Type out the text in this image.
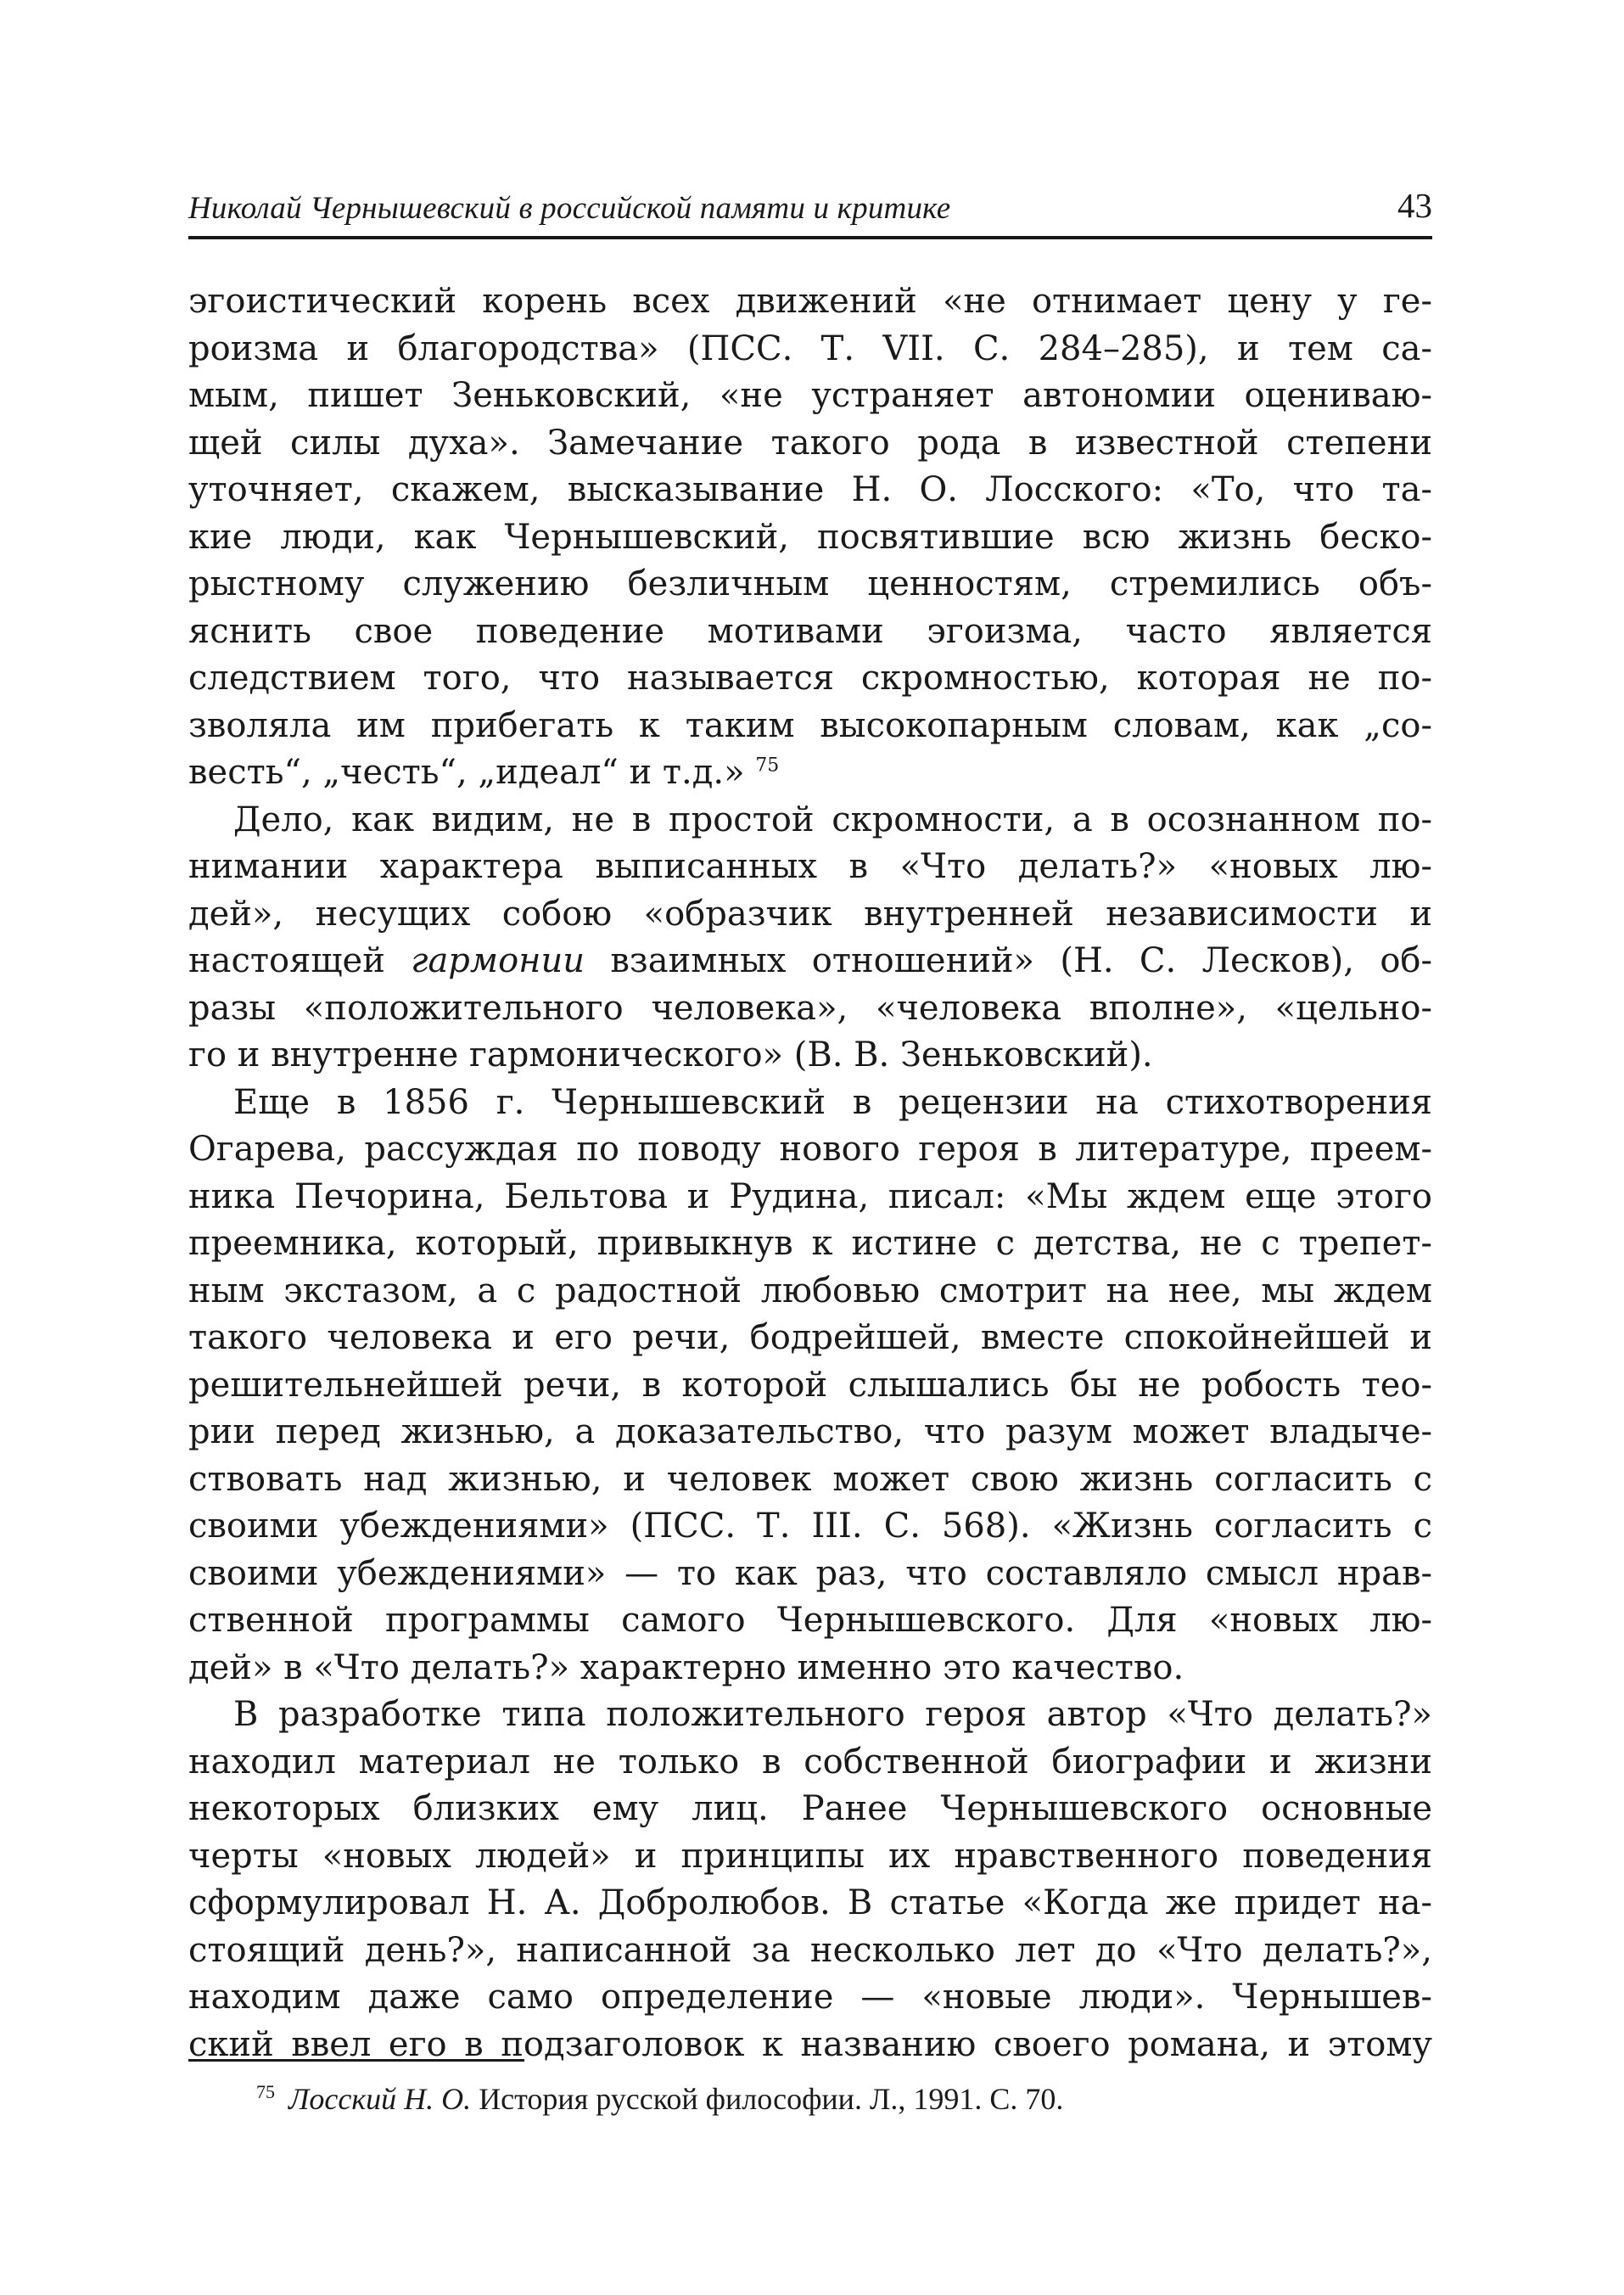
Николай Чернышевский в российской памяти и критике	43
эгоистический корень всех движений «не отнимает цену у ге-
роизма и благородства» (ПСС. Т. VII. С. 284–285), и тем са-
мым, пишет Зеньковский, «не устраняет автономии оцениваю-
щей силы духа». Замечание такого рода в известной степени
уточняет, скажем, высказывание Н. О. Лосского: «То, что та-
кие люди, как Чернышевский, посвятившие всю жизнь беско-
рыстному служению безличным ценностям, стремились объ-
яснить свое поведение мотивами эгоизма, часто является
следствием того, что называется скромностью, которая не по-
зволяла им прибегать к таким высокопарным словам, как „со-
весть“, „честь“, „идеал“ и т.д.» $^{75}$
Дело, как видим, не в простой скромности, а в осознанном по-
нимании характера выписанных в «Что делать?» «новых лю-
дей», несущих собою «образчик внутренней независимости и
настоящей гармонии взаимных отношений» (Н. С. Лесков), об-
разы «положительного человека», «человека вполне», «цельно-
го и внутренне гармонического» (В. В. Зеньковский).
Еще в 1856 г. Чернышевский в рецензии на стихотворения
Огарева, рассуждая по поводу нового героя в литературе, преем-
ника Печорина, Бельтова и Рудина, писал: «Мы ждем еще этого
преемника, который, привыкнув к истине с детства, не с трепет-
ным экстазом, а с радостной любовью смотрит на нее, мы ждем
такого человека и его речи, бодрейшей, вместе спокойнейшей и
решительнейшей речи, в которой слышались бы не робость тео-
рии перед жизнью, а доказательство, что разум может владыче-
ствовать над жизнью, и человек может свою жизнь согласить с
своими убеждениями» (ПСС. Т. III. С. 568). «Жизнь согласить с
своими убеждениями» — то как раз, что составляло смысл нрав-
ственной программы самого Чернышевского. Для «новых лю-
дей» в «Что делать?» характерно именно это качество.
В разработке типа положительного героя автор «Что делать?»
находил материал не только в собственной биографии и жизни
некоторых близких ему лиц. Ранее Чернышевского основные
черты «новых людей» и принципы их нравственного поведения
сформулировал Н. А. Добролюбов. В статье «Когда же придет на-
стоящий день?», написанной за несколько лет до «Что делать?»,
находим даже само определение — «новые люди». Чернышев-
ский ввел его в подзаголовок к названию своего романа, и этому
$^{75}$ Лосский Н. О. История русской философии. Л., 1991. С. 70.
